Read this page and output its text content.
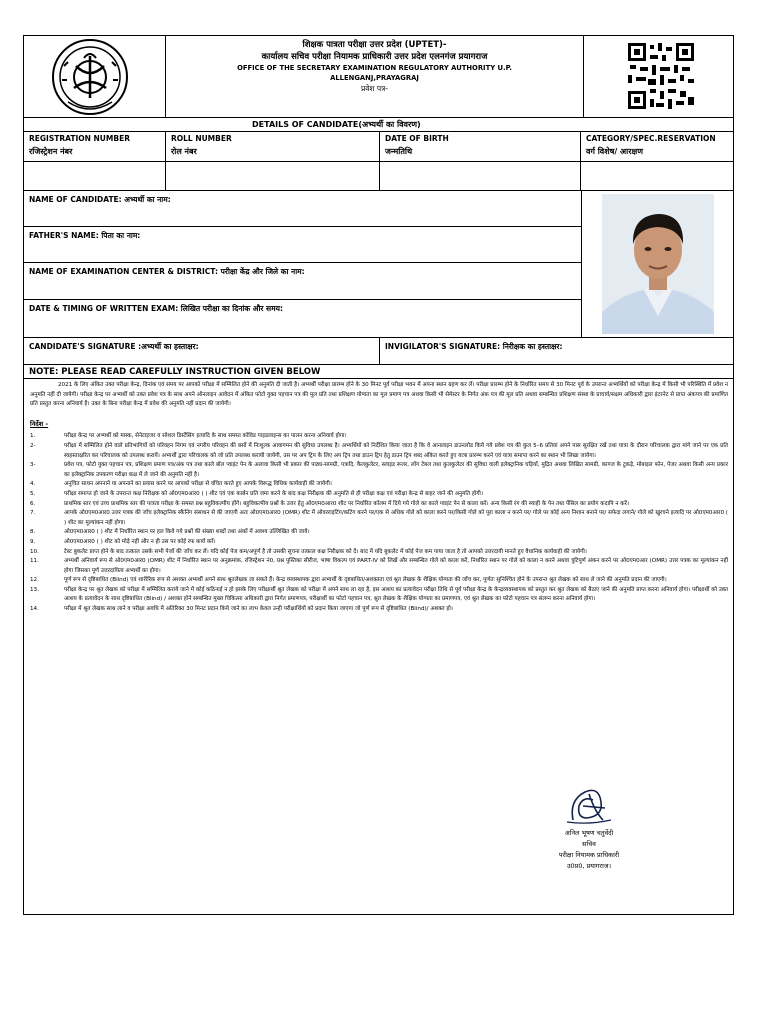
शिक्षक पात्रता परीक्षा उत्तर प्रदेश (UPTET)-
कार्यालय सचिव परीक्षा नियामक प्राधिकारी उत्तर प्रदेश एलनगंज प्रयागराज
OFFICE OF THE SECRETARY EXAMINATION REGULATORY AUTHORITY U.P.
ALLENGANJ,PRAYAGRAJ
प्रवेश पत्र-
DETAILS OF CANDIDATE(अभ्यर्थी का विवरण)
REGISTRATION NUMBER
रजिस्ट्रेशन नंबर
ROLL NUMBER
रोल नंबर
DATE OF BIRTH
जन्मतिथि
CATEGORY/SPEC.RESERVATION
वर्ग विशेष/ आरक्षण
NAME OF CANDIDATE: अभ्यर्थी का नाम:
FATHER'S NAME: पिता का नाम:
NAME OF EXAMINATION CENTER & DISTRICT: परीक्षा केंद्र और जिले का नाम:
DATE & TIMING OF WRITTEN EXAM: लिखित परीक्षा का दिनांक और समय:
CANDIDATE'S SIGNATURE :अभ्यर्थी का हस्ताक्षर:	INVIGILATOR'S SIGNATURE: निरीक्षक का हस्ताक्षर:
NOTE: PLEASE READ CAREFULLY INSTRUCTION GIVEN BELOW

2021 के लिए अंकित उक्त परीक्षा केन्द्र, दिनांक एवं समय पर आपको परीक्षा में सम्मिलित होने की अनुमति दी जाती है। अभ्यर्थी परीक्षा प्रारम्भ होने के 30 मिनट पूर्व परीक्षा भवन में अपना स्थान ग्रहण कर लें। परीक्षा प्रारम्भ होने के निर्धारित समय से 30 मिनट पूर्व के उपरान्त अभ्यर्थियों को परीक्षा केन्द्र में किसी भी परिस्थिति में प्रवेश न अनुमति नहीं दी जायेगी। परीक्षा केन्द्र पर अभ्यर्थी को उक्त प्रवेश पत्र के साथ अपने ऑनलाइन आवेदन में अंकित फोटो युक्त पहचान पत्र की मूल प्रति तथा प्रशिक्षण योग्यता का मूल प्रमाण पत्र अथवा किसी भी सेमेस्टर के निर्गत अंक पत्र की मूल प्रति अथवा सम्बन्धित प्रशिक्षण संस्था के प्राचार्य/सक्षम अधिकारी द्वारा इंटरनेट से प्राप्त अंकपत्र की प्रमाणित प्रति प्रस्तुत करना अनिवार्य है। उक्त के बिना परीक्षा केन्द्र में प्रवेश की अनुमति नहीं प्रदान की जायेगी।

निर्देश -
1.	परीक्षा केन्द्र पर अभ्यर्थी को मास्क, सेनेटाइजर व सोशल डिस्टेंसिंग इत्यादि के साथ समस्त कोविड गाइडलाइन्स का पालन करना अनिवार्य होगा।
2-	परीक्षा में सम्मिलित होने वाले प्रतिभागियों को परिवहन निगम एवं नगरीय परिवहन की बसों में निःशुल्क आवागमन की सुविधा उपलब्ध है। अभ्यर्थियों को निर्देशित किया जाता है कि वे आनलाइन डाउनलोड किये गये प्रवेश पत्र की कुल 5–6 प्रतियां अपने पास सुरक्षित रखें तथा यात्रा के दौरान परिचालक द्वारा मांगे जाने पर एक प्रति स्वहस्ताक्षरित कर परिचालक को उपलब्ध करायें। अभ्यर्थी द्वारा परिचालक को जो प्रति उपलब्ध करायी जायेगी, उस पर अप ट्रिप के लिए अप ट्रिप तथा डाउन ट्रिप हेतु डाउन ट्रिप शब्द अंकित करते हुए यात्रा प्रारम्भ करने एवं यात्रा समाप्त करने का स्थान भी लिखा जायेगा।
3-	प्रवेश पत्र, फोटो युक्त पहचान पत्र, प्रशिक्षण प्रमाण पत्र/अंक पत्र तथा काले बॉल प्वाइंट पेन के अलावा किसी भी प्रकार की पाठ्य-सामग्री, पत्रादि, कैलकुलेटर, स्लाइड रूलर, लॉग टेबल तथा कुलकुलेटर की सुविधा वाली इलेक्ट्रानिक घड़ियाँ, मुद्रित अथवा लिखित सामग्री, कागज के टुकड़े, मोबाइल फोन, पेजर अथवा किसी अन्य प्रकार का इलेक्ट्रानिक उपकरण परीक्षा कक्ष में ले जाने की अनुमति नहीं है।
4.	अनुचित साधन अपनाने या अपनाने का प्रयास करने पर आपको परीक्षा से वंचित करते हुए आपके विरूद्ध विधिक कार्यवाही की जायेगी।
5.	परीक्षा समाप्त हो जाने के उपरान्त कक्ष निरीक्षक को ओ0एम0आर0 ( ) शीट एवं एक कार्बन प्रति जमा करने के बाद कक्ष निरीक्षक की अनुमति से ही परीक्षा कक्ष एवं परीक्षा केन्द्र से बाहर जाने की अनुमति होगी।
6.	प्राथमिक स्तर एवं उच्च प्राथमिक स्तर की पात्रता परीक्षा के समस्त प्रश्न बहुविकल्पीय होंगे। बहुविकल्पीय प्रश्नों के उत्तर हेतु ओ0एम0आर0 शीट पर निर्धारित कॉलम में दिये गये गोले का काले प्वाइंट पेन से काला करें। अन्य किसी रंग की स्याही के पेन तथा पेंसिल का प्रयोग कदापि न करें।
7.	आपके ओ0एम0आर0 उत्तर पत्रक की जाँच इलेक्ट्रानिक स्कैनिंग संसाधन से की जाएगी अतः ओ0एम0आर0 (OMR) शीट में ओवरराइटिंग/कटिंग करने पर/एक से अधिक गोले को काला करने पर/किसी गोले को पूरा काला न करने पर/ गोले पर कोई अन्य निशान बनाने पर/ सफेदा लगाने/ गोले को खुरचने इत्यादि पर ओ0एम0आर0 ( ) शीट का मूल्यांकन नहीं होगा।
8.	ओ0एम0आर0 ( ) शीट में निर्धारित स्थान पर हल किये गये प्रश्नों की संख्या शब्दों तथा अंकों में अवश्य उल्लिखित की जाये।
9.	ओ0एम0आर0 ( ) शीट को मोड़े नहीं और न ही उस पर कोई रफ कार्य करें।
10.	टेस्ट बुकलेट प्राप्त होने के बाद तत्काल उसके सभी पेजों की जाँच कर लें। यदि कोई पेज कम/अपूर्ण है तो उसकी सूचना तत्काल कक्ष निरीक्षक को दें। बाद में यदि बुकलेट में कोई पेज कम पाया जाता है तो आपको उत्तरदायी मानते हुए वैधानिक कार्यवाही की जायेगी।
11.	अभ्यर्थी अनिवार्य रूप से ओ0एम0आर0 (OMR) शीट में निर्धारित स्थान पर अनुक्रमांक, रजिस्ट्रेशन नं0, प्रश्न पुस्तिका सीरीज, भाषा विकल्प एवं PART-IV को लिखें और सम्बन्धित गोले को काला करें, निर्धारित स्थान पर गोले को काला न करने अथवा त्रुटिपूर्ण अंकन करने पर ओ0एम0आर (OMR) उत्तर पत्रक का मूल्यांकन नहीं होगा जिसका पूर्ण उत्तरदायित्व अभ्यर्थी का होगा।
12.	पूर्ण रूप से दृष्टिबाधित (Blind) एवं शारीरिक रूप से अशक्त अभ्यर्थी अपने साथ श्रुतलेखक ला सकते हैं। केन्द्र व्यवस्थापक द्वारा अभ्यर्थी के दृष्टबाधित/अशक्तता एवं श्रुत लेखक के शैक्षिक योग्यता की जाँच कर, पूर्णतः सुनिश्चित होने के उपरान्त श्रुत लेखक को साथ ले जाने की अनुमति प्रदान की जाएगी।
13.	परीक्षा केन्द्र पर श्रुत लेखक को परीक्षा में सम्मिलित कराये जाने में कोई कठिनाई न हो इसके लिए परीक्षार्थी श्रुत लेखक को परीक्षा में अपने साथ ला रहा है, इस आशय का प्रत्यावेदन परीक्षा तिथि से पूर्व परीक्षा केन्द्र के केन्द्रव्यवस्थापक को प्रस्तुत कर श्रुत लेखक को बैठाए जाने की अनुमति प्राप्त करना अनिवार्य होगा। परीक्षार्थी को उक्त आशय के प्रत्यावेदन के साथ दृष्टिबाधित (Blind) / अशक्त होने सम्बन्धित मुख्य चिकित्सा अधिकारी द्वारा निर्गत प्रमाणपत्र, परीक्षार्थी का फोटो पहचान पत्र, श्रुत लेखक के शैक्षिक योग्यता का प्रमाणपत्र, एवं श्रुत लेखक का फोटो पहचान पत्र संलग्न करना अनिवार्य होगा।
14.	परीक्षा में श्रुत लेखक साथ लाने व परीक्षा अवधि में अतिरिक्त 30 मिनट प्रदान किये जाने का लाभ केवल उन्ही परीक्षार्थियों को प्रदान किया जाएगा जो पूर्ण रूप से दृष्टिबाधित (Blind)/ अशक्त हो।
अनिल भूषण चतुर्वेदी
सचिव
परीक्षा नियामक प्राधिकारी
उ0प्र0, प्रयागराज।
